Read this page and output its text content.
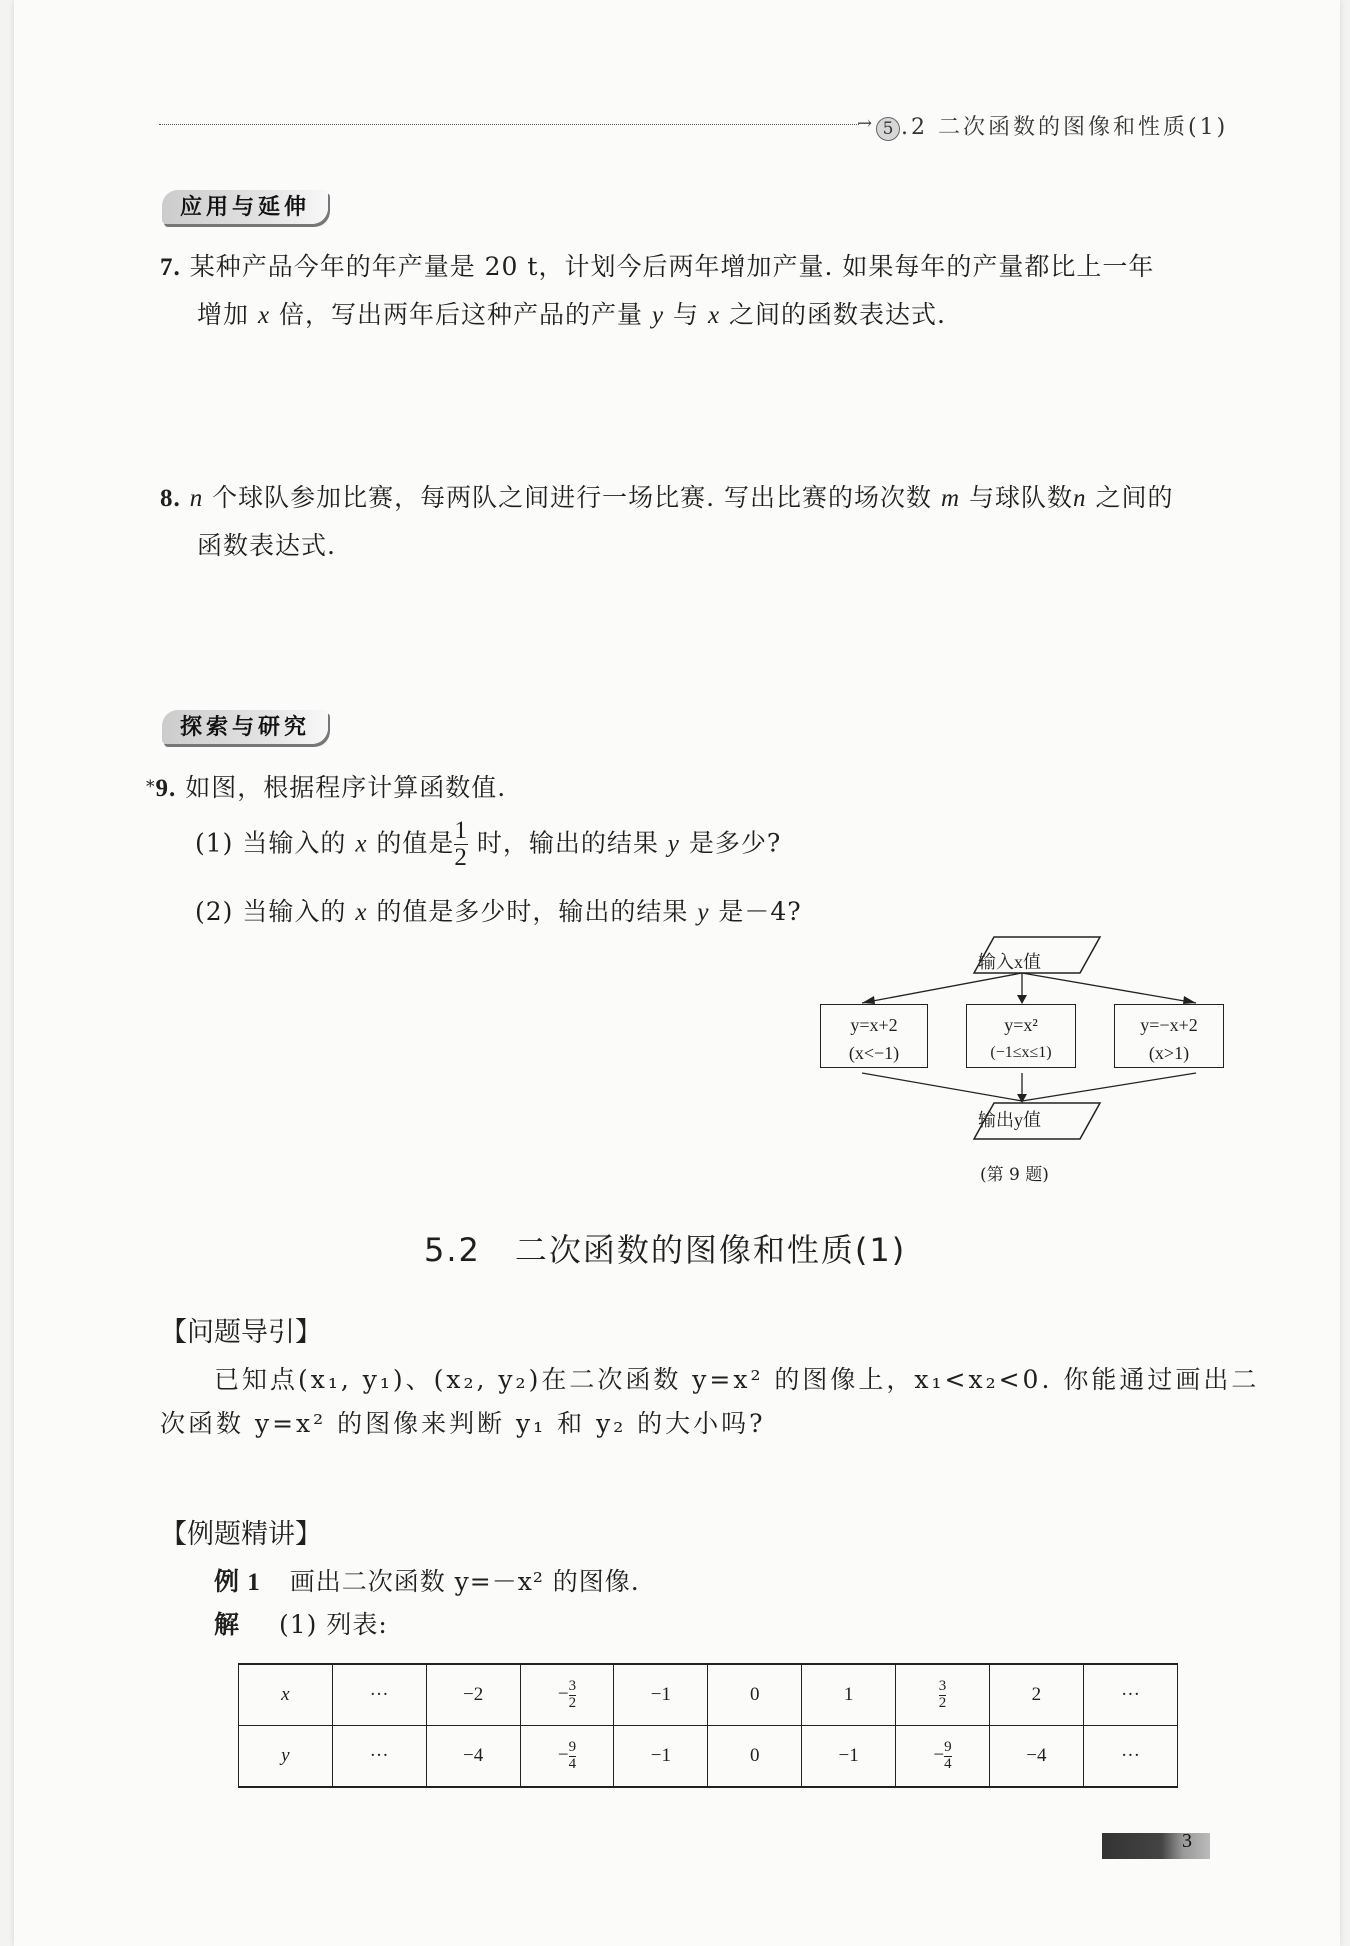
→ 5 .2 二次函数的图像和性质(1)
应用与延伸
7. 某种产品今年的年产量是 20 t，计划今后两年增加产量. 如果每年的产量都比上一年
增加 x 倍，写出两年后这种产品的产量 y 与 x 之间的函数表达式.
8. n 个球队参加比赛，每两队之间进行一场比赛. 写出比赛的场次数 m 与球队数n 之间的
函数表达式.
探索与研究
*9. 如图，根据程序计算函数值.
(1) 当输入的 x 的值是 $\frac{1}{2}$ 时，输出的结果 y 是多少?
(2) 当输入的 x 的值是多少时，输出的结果 y 是－4?
输入x值
y=x+2
(x<−1)
y=x²
(−1≤x≤1)
y=−x+2
(x>1)
输出y值
(第 9 题)
5.2　二次函数的图像和性质(1)
【问题导引】
已知点(x₁, y₁)、(x₂, y₂)在二次函数 y=x² 的图像上，x₁<x₂<0. 你能通过画出二
次函数 y=x² 的图像来判断 y₁ 和 y₂ 的大小吗?
【例题精讲】
例 1 画出二次函数 y=－x² 的图像.
解 (1) 列表:
x	···	−2	− $\frac{3}{2}$	−1	0	1	$\frac{3}{2}$	2	···
y	···	−4	− $\frac{9}{4}$	−1	0	−1	− $\frac{9}{4}$	−4	···
3
